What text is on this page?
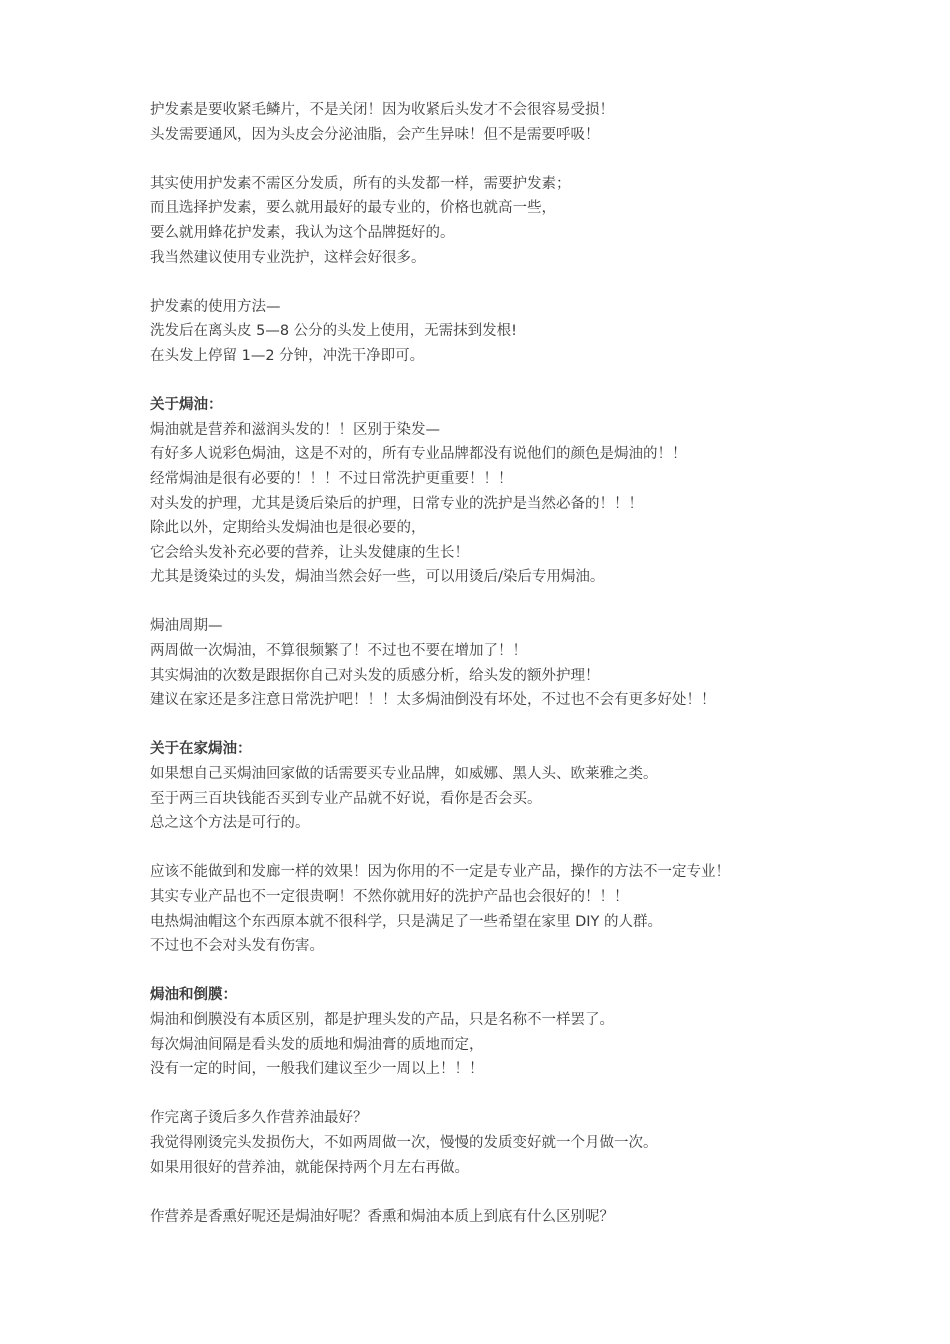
护发素是要收紧毛鳞片，不是关闭！因为收紧后头发才不会很容易受损！
头发需要通风，因为头皮会分泌油脂，会产生异味！但不是需要呼吸！
其实使用护发素不需区分发质，所有的头发都一样，需要护发素；
而且选择护发素，要么就用最好的最专业的，价格也就高一些，
要么就用蜂花护发素，我认为这个品牌挺好的。
我当然建议使用专业洗护，这样会好很多。
护发素的使用方法—
洗发后在离头皮 5—8 公分的头发上使用，无需抹到发根!
在头发上停留 1—2 分钟，冲洗干净即可。
关于焗油：
焗油就是营养和滋润头发的！！区别于染发—
有好多人说彩色焗油，这是不对的，所有专业品牌都没有说他们的颜色是焗油的！！
经常焗油是很有必要的！！！不过日常洗护更重要！！！
对头发的护理，尤其是烫后染后的护理，日常专业的洗护是当然必备的！！！
除此以外，定期给头发焗油也是很必要的，
它会给头发补充必要的营养，让头发健康的生长！
尤其是烫染过的头发，焗油当然会好一些，可以用烫后/染后专用焗油。
焗油周期—
两周做一次焗油，不算很频繁了！不过也不要在增加了！！
其实焗油的次数是跟据你自己对头发的质感分析，给头发的额外护理！
建议在家还是多注意日常洗护吧！！！太多焗油倒没有坏处，不过也不会有更多好处！！
关于在家焗油：
如果想自己买焗油回家做的话需要买专业品牌，如威娜、黑人头、欧莱雅之类。
至于两三百块钱能否买到专业产品就不好说，看你是否会买。
总之这个方法是可行的。
应该不能做到和发廊一样的效果！因为你用的不一定是专业产品，操作的方法不一定专业！
其实专业产品也不一定很贵啊！不然你就用好的洗护产品也会很好的！！！
电热焗油帽这个东西原本就不很科学，只是满足了一些希望在家里 DIY 的人群。
不过也不会对头发有伤害。
焗油和倒膜：
焗油和倒膜没有本质区别，都是护理头发的产品，只是名称不一样罢了。
每次焗油间隔是看头发的质地和焗油膏的质地而定，
没有一定的时间，一般我们建议至少一周以上！！！
作完离子烫后多久作营养油最好？
我觉得刚烫完头发损伤大，不如两周做一次，慢慢的发质变好就一个月做一次。
如果用很好的营养油，就能保持两个月左右再做。
作营养是香熏好呢还是焗油好呢？香熏和焗油本质上到底有什么区别呢？
